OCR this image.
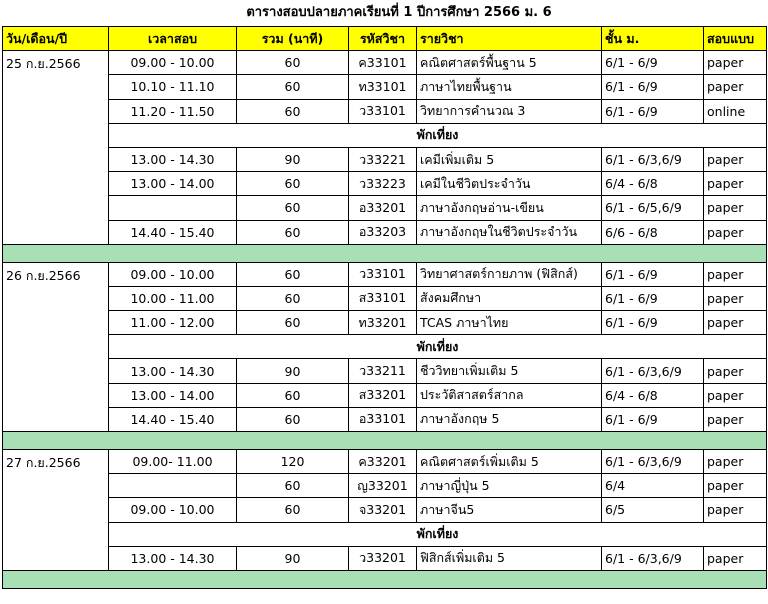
ตารางสอบปลายภาคเรียนที่ 1 ปีการศึกษา 2566 ม. 6
วัน/เดือน/ปี	เวลาสอบ	รวม (นาที)	รหัสวิชา	รายวิชา	ชั้น ม.	สอบแบบ
25 ก.ย.2566	09.00 - 10.00	60	ค33101	คณิตศาสตร์พื้นฐาน 5	6/1 - 6/9	paper
	10.10 - 11.10	60	ท33101	ภาษาไทยพื้นฐาน	6/1 - 6/9	paper
	11.20 - 11.50	60	ว33101	วิทยาการคำนวณ 3	6/1 - 6/9	online
	พักเที่ยง					
	13.00 - 14.30	90	ว33221	เคมีเพิ่มเติม 5	6/1 - 6/3,6/9	paper
	13.00 - 14.00	60	ว33223	เคมีในชีวิตประจำวัน	6/4 - 6/8	paper
		60	อ33201	ภาษาอังกฤษอ่าน-เขียน	6/1 - 6/5,6/9	paper
	14.40 - 15.40	60	อ33203	ภาษาอังกฤษในชีวิตประจำวัน	6/6 - 6/8	paper

26 ก.ย.2566	09.00 - 10.00	60	ว33101	วิทยาศาสตร์กายภาพ (ฟิสิกส์)	6/1 - 6/9	paper
	10.00 - 11.00	60	ส33101	สังคมศึกษา	6/1 - 6/9	paper
	11.00 - 12.00	60	ท33201	TCAS ภาษาไทย	6/1 - 6/9	paper
	พักเที่ยง					
	13.00 - 14.30	90	ว33211	ชีววิทยาเพิ่มเติม 5	6/1 - 6/3,6/9	paper
	13.00 - 14.00	60	ส33201	ประวัติสาสตร์สากล	6/4 - 6/8	paper
	14.40 - 15.40	60	อ33101	ภาษาอังกฤษ 5	6/1 - 6/9	paper

27 ก.ย.2566	09.00- 11.00	120	ค33201	คณิตศาสตร์เพิ่มเติม 5	6/1 - 6/3,6/9	paper
		60	ญ33201	ภาษาญี่ปุ่น 5	6/4	paper
	09.00 - 10.00	60	จ33201	ภาษาจีน5	6/5	paper
	พักเที่ยง					
	13.00 - 14.30	90	ว33201	ฟิสิกส์เพิ่มเติม 5	6/1 - 6/3,6/9	paper
